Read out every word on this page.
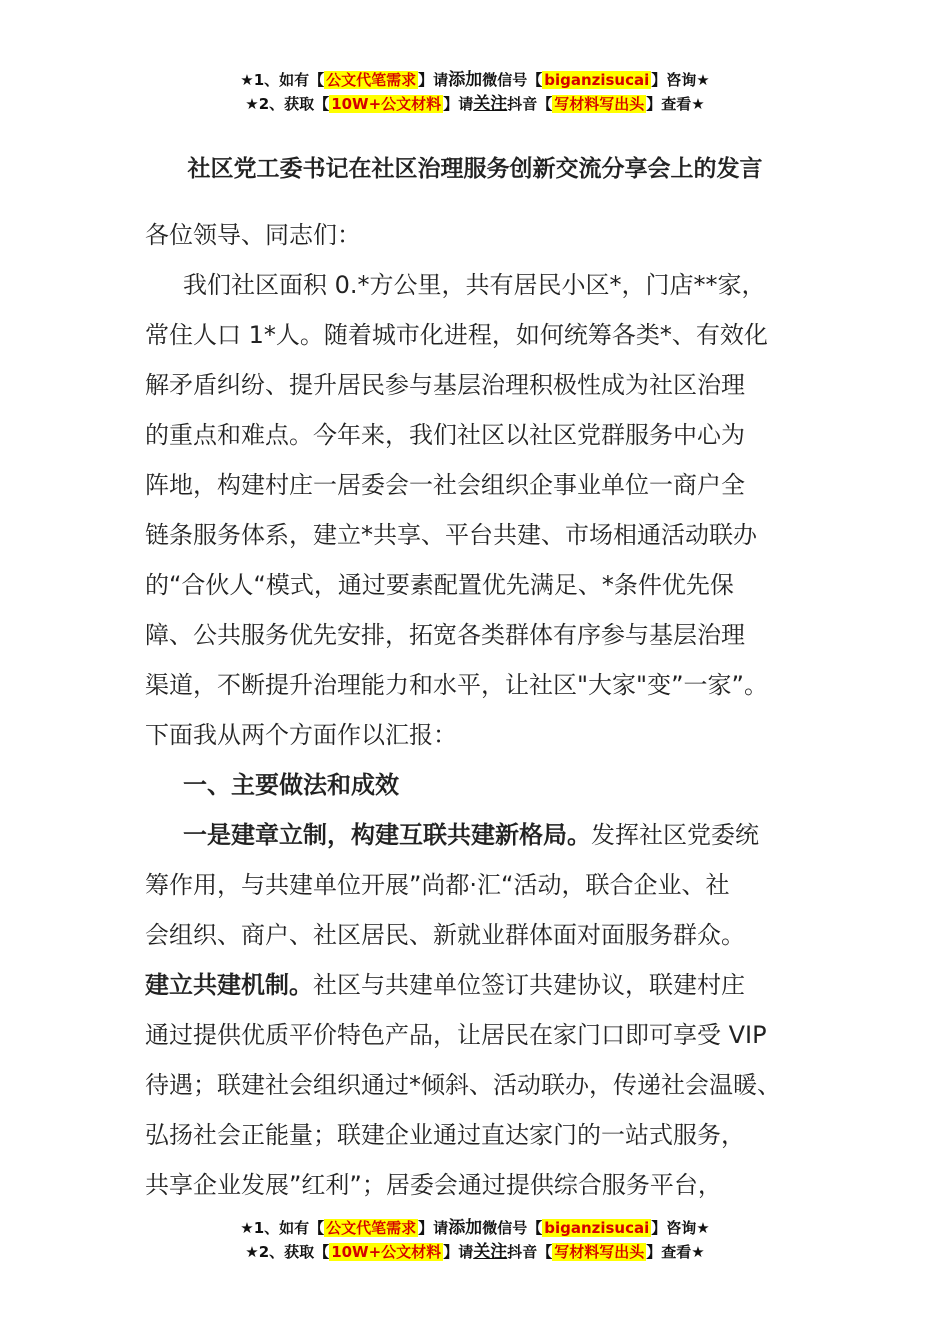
★1、如有【 公文代笔需求 】请添加微信号【 biganzisucai 】咨询★
★2、获取【 10W+公文材料 】请关注抖音【 写材料写出头 】查看★
社区党工委书记在社区治理服务创新交流分享会上的发言

各位领导、同志们：

我们社区面积 0.*方公里，共有居民小区*，门店**家，

常住人口 1*人。随着城市化进程，如何统筹各类*、有效化

解矛盾纠纷、提升居民参与基层治理积极性成为社区治理

的重点和难点。今年来，我们社区以社区党群服务中心为

阵地，构建村庄一居委会一社会组织企事业单位一商户全

链条服务体系，建立*共享、平台共建、市场相通活动联办

的“合伙人“模式，通过要素配置优先满足、*条件优先保

障、公共服务优先安排，拓宽各类群体有序参与基层治理

渠道，不断提升治理能力和水平，让社区"大家"变”一家”。

下面我从两个方面作以汇报：

一、主要做法和成效

一是建章立制，构建互联共建新格局。发挥社区党委统

筹作用，与共建单位开展”尚都·汇“活动，联合企业、社

会组织、商户、社区居民、新就业群体面对面服务群众。

建立共建机制。社区与共建单位签订共建协议，联建村庄

通过提供优质平价特色产品，让居民在家门口即可享受 VIP

待遇；联建社会组织通过*倾斜、活动联办，传递社会温暖、

弘扬社会正能量；联建企业通过直达家门的一站式服务，

共享企业发展”红利”；居委会通过提供综合服务平台，

★1、如有【 公文代笔需求 】请添加微信号【 biganzisucai 】咨询★
★2、获取【 10W+公文材料 】请关注抖音【 写材料写出头 】查看★
